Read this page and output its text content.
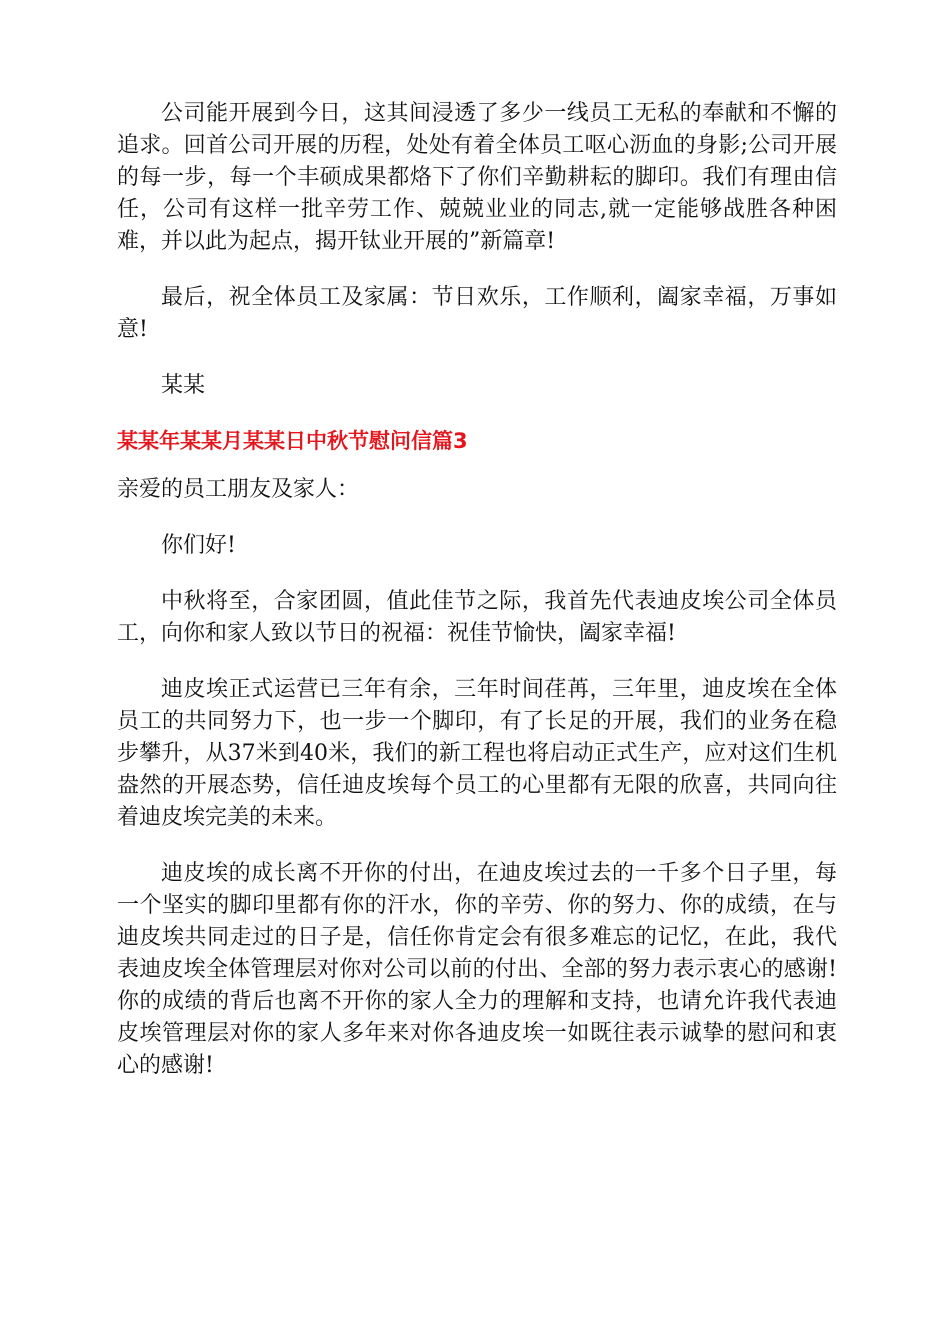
公司能开展到今日，这其间浸透了多少一线员工无私的奉献和不懈的追求。回首公司开展的历程，处处有着全体员工呕心沥血的身影;公司开展的每一步，每一个丰硕成果都烙下了你们辛勤耕耘的脚印。我们有理由信任，公司有这样一批辛劳工作、兢兢业业的同志,就一定能够战胜各种困难，并以此为起点，揭开钛业开展的”新篇章!

最后，祝全体员工及家属：节日欢乐，工作顺利，阖家幸福，万事如意!

某某

某某年某某月某某日中秋节慰问信篇3

亲爱的员工朋友及家人：

你们好!

中秋将至，合家团圆，值此佳节之际，我首先代表迪皮埃公司全体员工，向你和家人致以节日的祝福：祝佳节愉快，阖家幸福!

迪皮埃正式运营已三年有余，三年时间荏苒，三年里，迪皮埃在全体员工的共同努力下，也一步一个脚印，有了长足的开展，我们的业务在稳步攀升，从37米到40米，我们的新工程也将启动正式生产，应对这们生机盎然的开展态势，信任迪皮埃每个员工的心里都有无限的欣喜，共同向往着迪皮埃完美的未来。

迪皮埃的成长离不开你的付出，在迪皮埃过去的一千多个日子里，每一个坚实的脚印里都有你的汗水，你的辛劳、你的努力、你的成绩，在与迪皮埃共同走过的日子是，信任你肯定会有很多难忘的记忆，在此，我代表迪皮埃全体管理层对你对公司以前的付出、全部的努力表示衷心的感谢!你的成绩的背后也离不开你的家人全力的理解和支持，也请允许我代表迪皮埃管理层对你的家人多年来对你各迪皮埃一如既往表示诚挚的慰问和衷心的感谢!
